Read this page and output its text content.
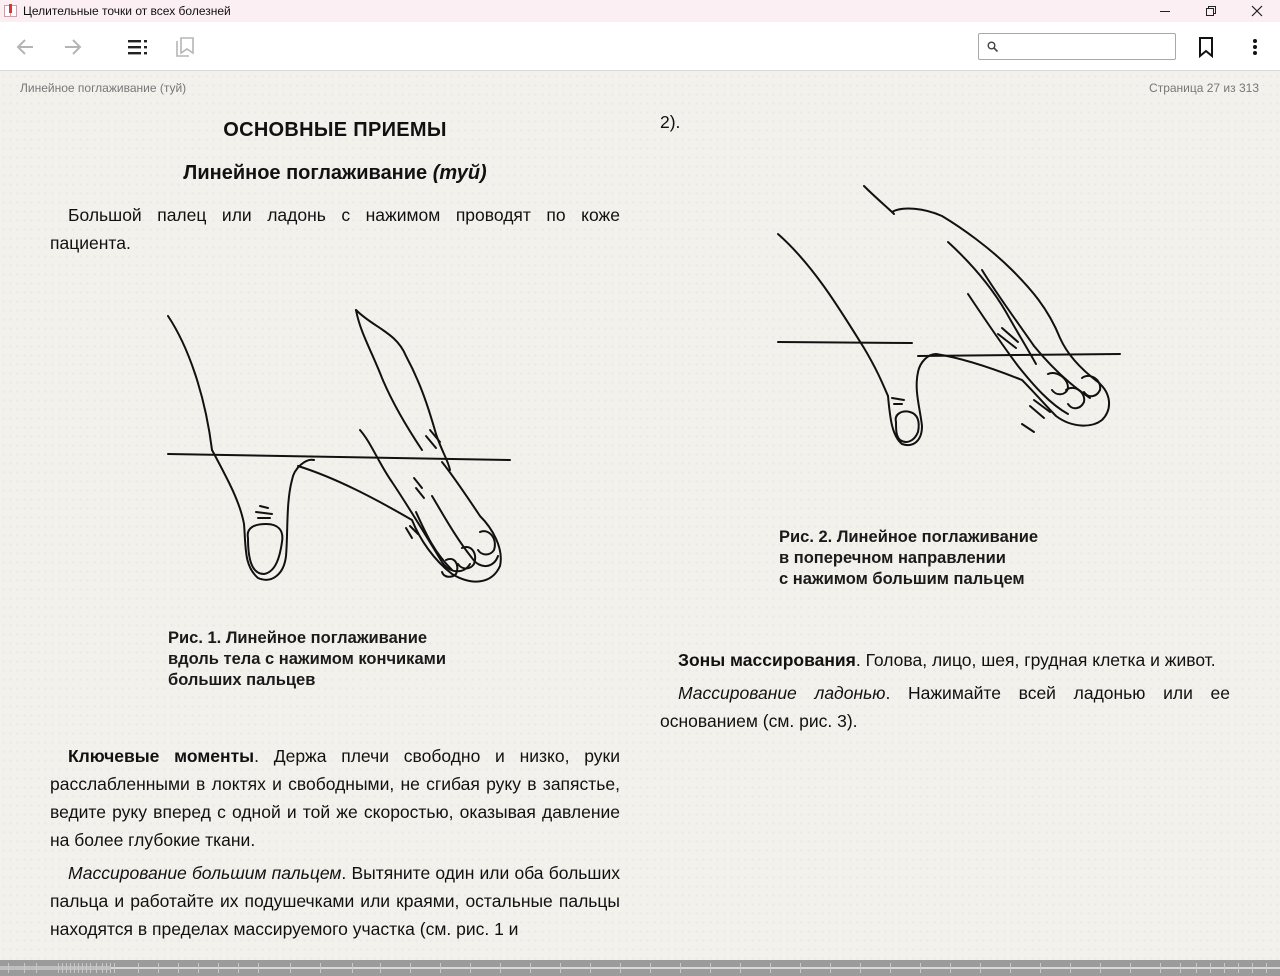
Целительные точки от всех болезней
Линейное поглаживание (туй)	Страница 27 из 313
ОСНОВНЫЕ ПРИЕМЫ
Линейное поглаживание (туй)

Большой палец или ладонь с нажимом проводят по коже пациента.

Рис. 1. Линейное поглаживание
вдоль тела с нажимом кончиками
больших пальцев

Ключевые моменты. Держа плечи свободно и низко, руки расслабленными в локтях и свободными, не сгибая руку в запястье, ведите руку вперед с одной и той же скоростью, оказывая давление на более глубокие ткани.

Массирование большим пальцем. Вытяните один или оба больших пальца и работайте их подушечками или краями, остальные пальцы находятся в пределах массируемого участка (см. рис. 1 и

2).

Рис. 2. Линейное поглаживание
в поперечном направлении
с нажимом большим пальцем

Зоны массирования. Голова, лицо, шея, грудная клетка и живот.

Массирование ладонью. Нажимайте всей ладонью или ее основанием (см. рис. 3).
